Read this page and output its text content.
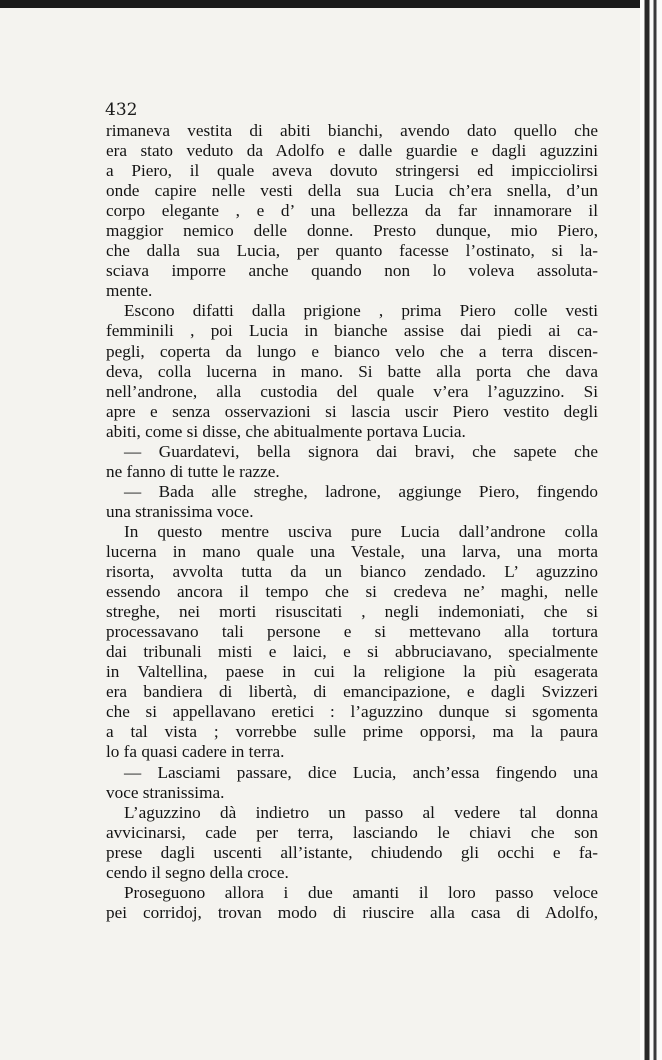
432
rimaneva vestita di abiti bianchi, avendo dato quello che
era stato veduto da Adolfo e dalle guardie e dagli aguzzini
a Piero, il quale aveva dovuto stringersi ed impicciolirsi
onde capire nelle vesti della sua Lucia ch’era snella, d’un
corpo elegante , e d’ una bellezza da far innamorare il
maggior nemico delle donne. Presto dunque, mio Piero,
che dalla sua Lucia, per quanto facesse l’ostinato, si la-
sciava imporre anche quando non lo voleva assoluta-
mente.
Escono difatti dalla prigione , prima Piero colle vesti
femminili , poi Lucia in bianche assise dai piedi ai ca-
pegli, coperta da lungo e bianco velo che a terra discen-
deva, colla lucerna in mano. Si batte alla porta che dava
nell’androne, alla custodia del quale v’era l’aguzzino. Si
apre e senza osservazioni si lascia uscir Piero vestito degli
abiti, come si disse, che abitualmente portava Lucia.
— Guardatevi, bella signora dai bravi, che sapete che
ne fanno di tutte le razze.
— Bada alle streghe, ladrone, aggiunge Piero, fingendo
una stranissima voce.
In questo mentre usciva pure Lucia dall’androne colla
lucerna in mano quale una Vestale, una larva, una morta
risorta, avvolta tutta da un bianco zendado. L’ aguzzino
essendo ancora il tempo che si credeva ne’ maghi, nelle
streghe, nei morti risuscitati , negli indemoniati, che si
processavano tali persone e si mettevano alla tortura
dai tribunali misti e laici, e si abbruciavano, specialmente
in Valtellina, paese in cui la religione la più esagerata
era bandiera di libertà, di emancipazione, e dagli Svizzeri
che si appellavano eretici : l’aguzzino dunque si sgomenta
a tal vista ; vorrebbe sulle prime opporsi, ma la paura
lo fa quasi cadere in terra.
— Lasciami passare, dice Lucia, anch’essa fingendo una
voce stranissima.
L’aguzzino dà indietro un passo al vedere tal donna
avvicinarsi, cade per terra, lasciando le chiavi che son
prese dagli uscenti all’istante, chiudendo gli occhi e fa-
cendo il segno della croce.
Proseguono allora i due amanti il loro passo veloce
pei corridoj, trovan modo di riuscire alla casa di Adolfo,
